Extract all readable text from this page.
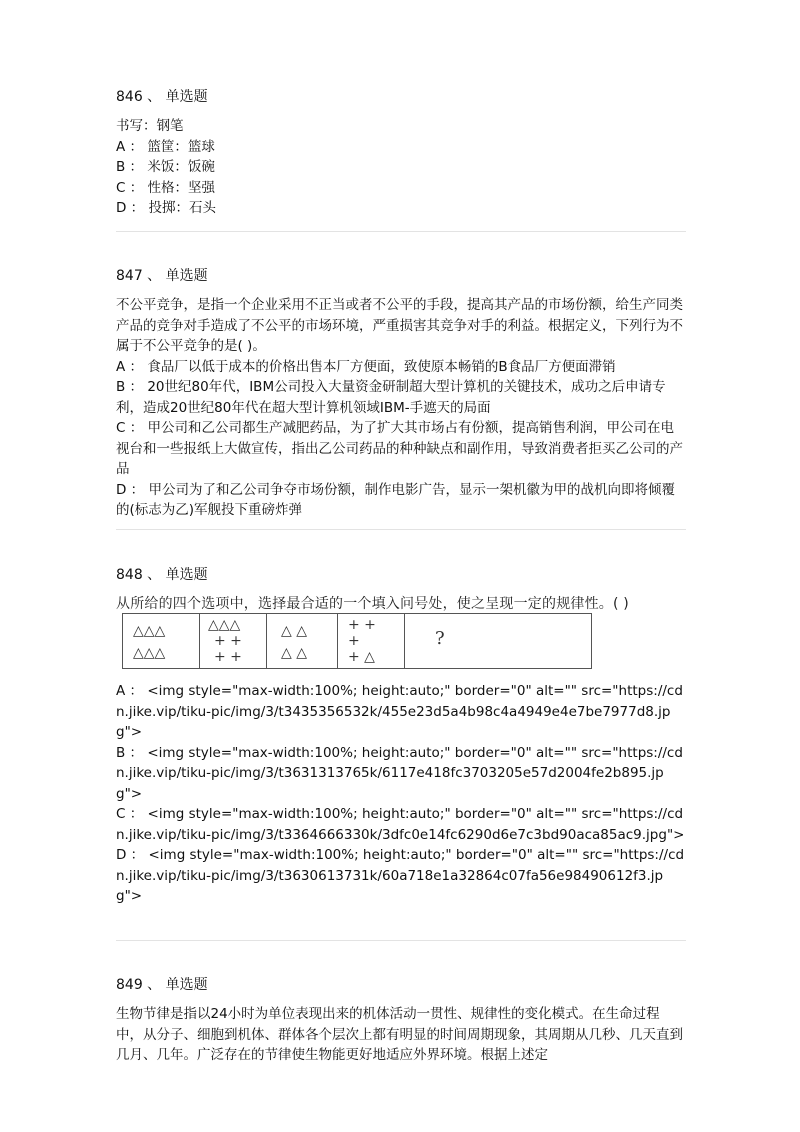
846 、 单选题
书写：钢笔
A ： 篮筐：篮球
B ： 米饭：饭碗
C ： 性格：坚强
D ： 投掷：石头
847 、 单选题
不公平竞争，是指一个企业采用不正当或者不公平的手段，提高其产品的市场份额，给生产同类产品的竞争对手造成了不公平的市场环境，严重损害其竞争对手的利益。根据定义，下列行为不属于不公平竞争的是( )。
A ： 食品厂以低于成本的价格出售本厂方便面，致使原本畅销的B食品厂方便面滞销
B ： 20世纪80年代，IBM公司投入大量资金研制超大型计算机的关键技术，成功之后申请专利，造成20世纪80年代在超大型计算机领域IBM-手遮天的局面
C ： 甲公司和乙公司都生产减肥药品，为了扩大其市场占有份额，提高销售利润，甲公司在电视台和一些报纸上大做宣传，指出乙公司药品的种种缺点和副作用，导致消费者拒买乙公司的产品
D ： 甲公司为了和乙公司争夺市场份额，制作电影广告，显示一架机徽为甲的战机向即将倾覆的(标志为乙)军舰投下重磅炸弹
848 、 单选题
从所给的四个选项中，选择最合适的一个填入问号处，使之呈现一定的规律性。( )
△△△
△△△
△△△
+ +
+ +
△ △
△ △
+ +
+
+ △
?
A ： <img style="max-width:100%; height:auto;" border="0" alt="" src="https://cdn.jike.vip/tiku-pic/img/3/t3435356532k/455e23d5a4b98c4a4949e4e7be7977d8.jpg">
B ： <img style="max-width:100%; height:auto;" border="0" alt="" src="https://cdn.jike.vip/tiku-pic/img/3/t3631313765k/6117e418fc3703205e57d2004fe2b895.jpg">
C ： <img style="max-width:100%; height:auto;" border="0" alt="" src="https://cdn.jike.vip/tiku-pic/img/3/t3364666330k/3dfc0e14fc6290d6e7c3bd90aca85ac9.jpg">
D ： <img style="max-width:100%; height:auto;" border="0" alt="" src="https://cdn.jike.vip/tiku-pic/img/3/t3630613731k/60a718e1a32864c07fa56e98490612f3.jpg">
849 、 单选题
生物节律是指以24小时为单位表现出来的机体活动一贯性、规律性的变化模式。在生命过程中，从分子、细胞到机体、群体各个层次上都有明显的时间周期现象，其周期从几秒、几天直到几月、几年。广泛存在的节律使生物能更好地适应外界环境。根据上述定
